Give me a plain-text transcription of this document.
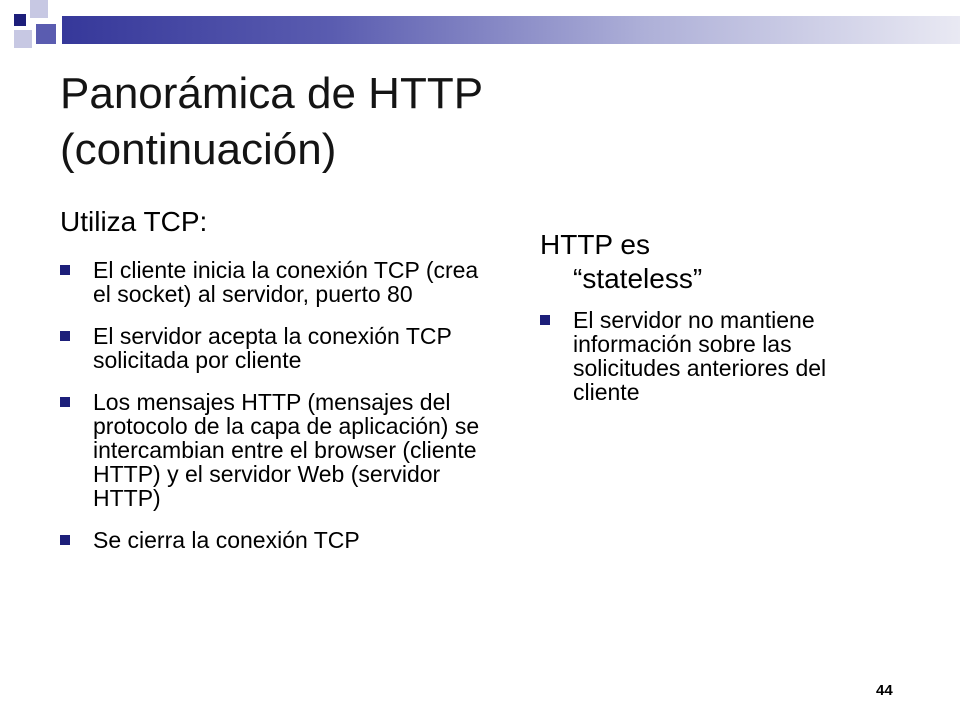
Panorámica de HTTP
(continuación)
Utiliza TCP:
El cliente inicia la conexión TCP (crea el socket) al servidor, puerto 80
El servidor acepta la conexión TCP solicitada por cliente
Los mensajes HTTP (mensajes del protocolo de la capa de aplicación) se intercambian entre el browser (cliente HTTP) y el servidor Web (servidor HTTP)
Se cierra la conexión TCP
HTTP es
“stateless”
El servidor no mantiene información sobre las solicitudes anteriores del cliente
44
